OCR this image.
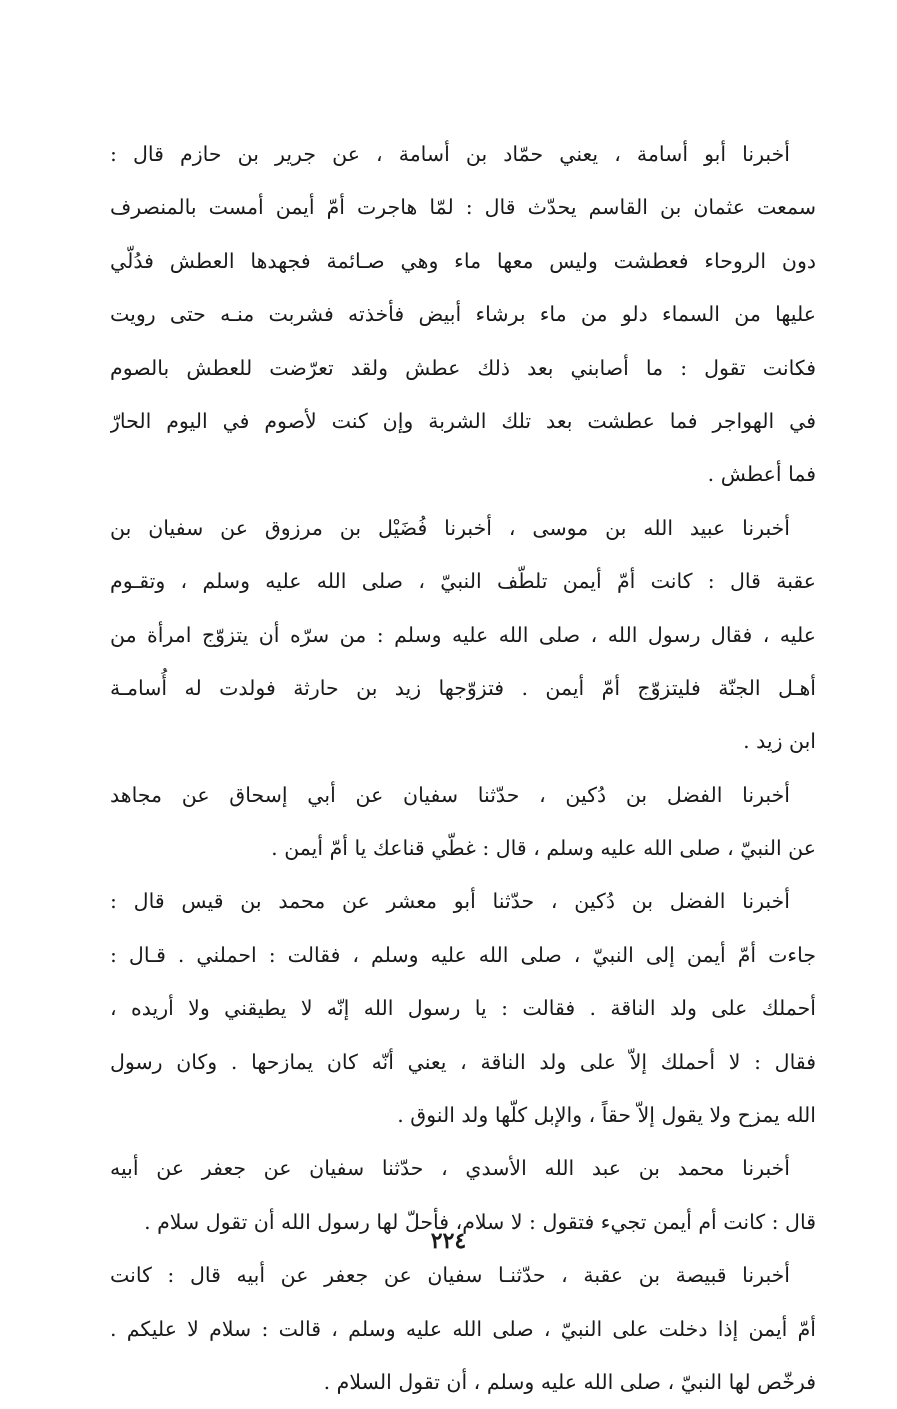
أخبرنا أبو أسامة ، يعني حمّاد بن أسامة ، عن جرير بن حازم قال :
سمعت عثمان بن القاسم يحدّث قال : لمّا هاجرت أمّ أيمن أمست بالمنصرف
دون الروحاء فعطشت وليس معها ماء وهي صـائمة فجهدها العطش فدُلّي
عليها من السماء دلو من ماء برشاء أبيض فأخذته فشربت منـه حتى رويت
فكانت تقول : ما أصابني بعد ذلك عطش ولقد تعرّضت للعطش بالصوم
في الهواجر فما عطشت بعد تلك الشربة وإن كنت لأصوم في اليوم الحارّ
فما أعطش .
أخبرنا عبيد الله بن موسى ، أخبرنا فُضَيْل بن مرزوق عن سفيان بن
عقبة قال : كانت أمّ أيمن تلطّف النبيّ ، صلى الله عليه وسلم ، وتقـوم
عليه ، فقال رسول الله ، صلى الله عليه وسلم : من سرّه أن يتزوّج امرأة من
أهـل الجنّة فليتزوّج أمّ أيمن . فتزوّجها زيد بن حارثة فولدت له أُسامـة
ابن زيد .
أخبرنا الفضل بن دُكين ، حدّثنا سفيان عن أبي إسحاق عن مجاهد
عن النبيّ ، صلى الله عليه وسلم ، قال : غطّي قناعك يا أمّ أيمن .
أخبرنا الفضل بن دُكين ، حدّثنا أبو معشر عن محمد بن قيس قال :
جاءت أمّ أيمن إلى النبيّ ، صلى الله عليه وسلم ، فقالت : احملني . قـال :
أحملك على ولد الناقة . فقالت : يا رسول الله إنّه لا يطيقني ولا أريده ،
فقال : لا أحملك إلاّ على ولد الناقة ، يعني أنّه كان يمازحها . وكان رسول
الله يمزح ولا يقول إلاّ حقاً ، والإبل كلّها ولد النوق .
أخبرنا محمد بن عبد الله الأسدي ، حدّثنا سفيان عن جعفر عن أبيه
قال : كانت أم أيمن تجيء فتقول : لا سلام، فأحلّ لها رسول الله أن تقول سلام .
أخبرنا قبيصة بن عقبة ، حدّثنـا سفيان عن جعفر عن أبيه قال : كانت
أمّ أيمن إذا دخلت على النبيّ ، صلى الله عليه وسلم ، قالت : سلام لا عليكم .
فرخّص لها النبيّ ، صلى الله عليه وسلم ، أن تقول السلام .
٢٢٤
